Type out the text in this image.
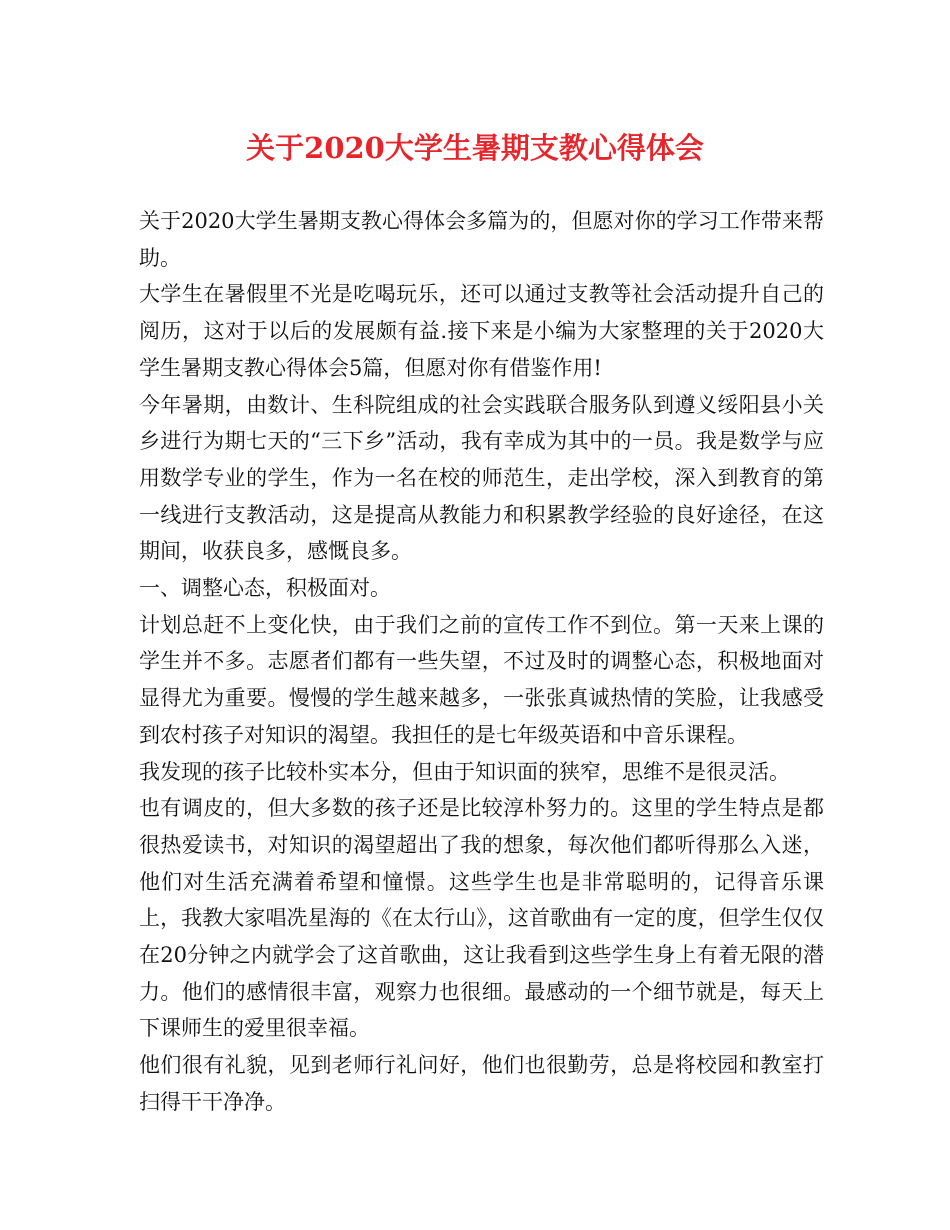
关于2020大学生暑期支教心得体会

关于2020大学生暑期支教心得体会多篇为的，但愿对你的学习工作带来帮助。

大学生在暑假里不光是吃喝玩乐，还可以通过支教等社会活动提升自己的阅历，这对于以后的发展颇有益.接下来是小编为大家整理的关于2020大学生暑期支教心得体会5篇，但愿对你有借鉴作用!

今年暑期，由数计、生科院组成的社会实践联合服务队到遵义绥阳县小关乡进行为期七天的“三下乡”活动，我有幸成为其中的一员。我是数学与应用数学专业的学生，作为一名在校的师范生，走出学校，深入到教育的第一线进行支教活动，这是提高从教能力和积累教学经验的良好途径，在这期间，收获良多，感慨良多。

一、调整心态，积极面对。

计划总赶不上变化快，由于我们之前的宣传工作不到位。第一天来上课的学生并不多。志愿者们都有一些失望，不过及时的调整心态，积极地面对显得尤为重要。慢慢的学生越来越多，一张张真诚热情的笑脸，让我感受到农村孩子对知识的渴望。我担任的是七年级英语和中音乐课程。

我发现的孩子比较朴实本分，但由于知识面的狭窄，思维不是很灵活。

也有调皮的，但大多数的孩子还是比较淳朴努力的。这里的学生特点是都很热爱读书，对知识的渴望超出了我的想象，每次他们都听得那么入迷，他们对生活充满着希望和憧憬。这些学生也是非常聪明的，记得音乐课上，我教大家唱冼星海的《在太行山》，这首歌曲有一定的度，但学生仅仅在20分钟之内就学会了这首歌曲，这让我看到这些学生身上有着无限的潜力。他们的感情很丰富，观察力也很细。最感动的一个细节就是，每天上下课师生的爱里很幸福。

他们很有礼貌，见到老师行礼问好，他们也很勤劳，总是将校园和教室打扫得干干净净。
